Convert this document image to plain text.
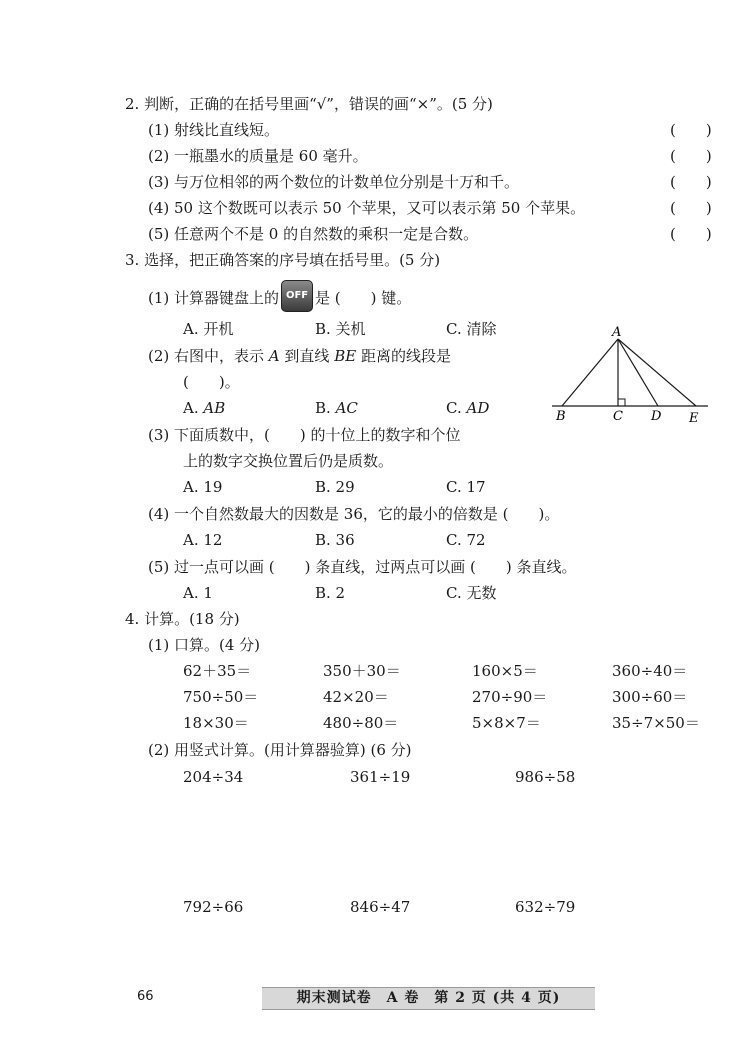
2. 判断，正确的在括号里画“√”，错误的画“×”。(5 分)
(1) 射线比直线短。	(　　)
(2) 一瓶墨水的质量是 60 毫升。	(　　)
(3) 与万位相邻的两个数位的计数单位分别是十万和千。	(　　)
(4) 50 这个数既可以表示 50 个苹果，又可以表示第 50 个苹果。	(　　)
(5) 任意两个不是 0 的自然数的乘积一定是合数。	(　　)
3. 选择，把正确答案的序号填在括号里。(5 分)
(1) 计算器键盘上的 OFF 是 (　　) 键。
A. 开机	B. 关机	C. 清除
(2) 右图中，表示 A 到直线 BE 距离的线段是
(　　)。
A. AB	B. AC	C. AD
A
B	C D E
(3) 下面质数中，(　　) 的十位上的数字和个位
上的数字交换位置后仍是质数。
A. 19	B. 29	C. 17
(4) 一个自然数最大的因数是 36，它的最小的倍数是 (　　)。
A. 12	B. 36	C. 72
(5) 过一点可以画 (　　) 条直线，过两点可以画 (　　) 条直线。
A. 1	B. 2	C. 无数
4. 计算。(18 分)
(1) 口算。(4 分)
62＋35＝	350＋30＝	160×5＝	360÷40＝
750÷50＝	42×20＝	270÷90＝	300÷60＝
18×30＝	480÷80＝	5×8×7＝	35÷7×50＝
(2) 用竖式计算。(用计算器验算) (6 分)
204÷34	361÷19	986÷58
792÷66	846÷47	632÷79
66	期末测试卷　A 卷　第 2 页 (共 4 页)
